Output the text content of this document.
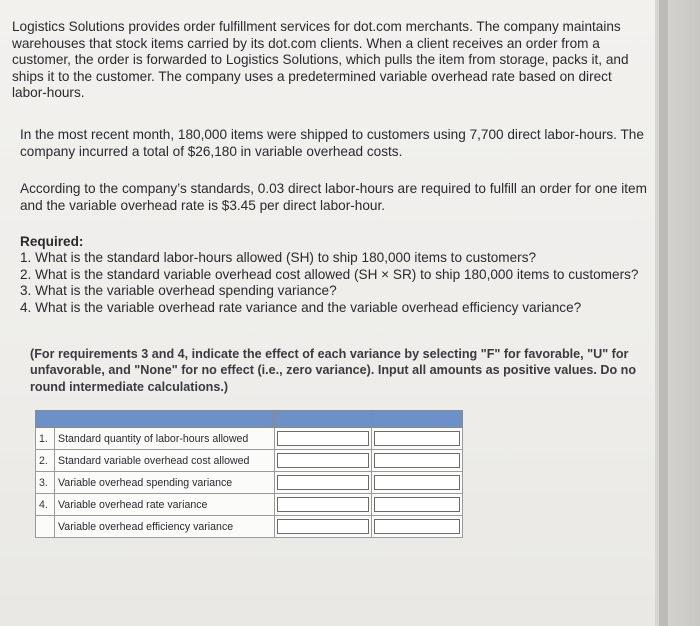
Logistics Solutions provides order fulfillment services for dot.com merchants. The company maintains warehouses that stock items carried by its dot.com clients. When a client receives an order from a customer, the order is forwarded to Logistics Solutions, which pulls the item from storage, packs it, and ships it to the customer. The company uses a predetermined variable overhead rate based on direct labor-hours.

In the most recent month, 180,000 items were shipped to customers using 7,700 direct labor-hours. The company incurred a total of $26,180 in variable overhead costs.

According to the company’s standards, 0.03 direct labor-hours are required to fulfill an order for one item and the variable overhead rate is $3.45 per direct labor-hour.

Required:
1. What is the standard labor-hours allowed (SH) to ship 180,000 items to customers?
2. What is the standard variable overhead cost allowed (SH × SR) to ship 180,000 items to customers?
3. What is the variable overhead spending variance?
4. What is the variable overhead rate variance and the variable overhead efficiency variance?
(For requirements 3 and 4, indicate the effect of each variance by selecting "F" for favorable, "U" for unfavorable, and "None" for no effect (i.e., zero variance). Input all amounts as positive values. Do no round intermediate calculations.)

1.	Standard quantity of labor-hours allowed	

2.	Standard variable overhead cost allowed	

3.	Variable overhead spending variance	

4.	Variable overhead rate variance	

	Variable overhead efficiency variance	
